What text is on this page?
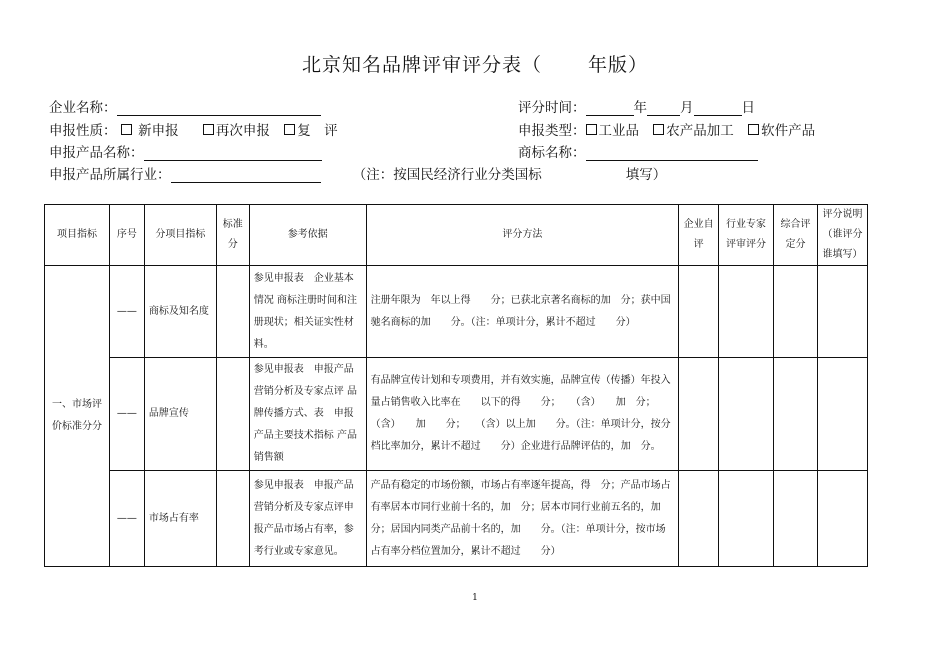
北京知名品牌评审评分表（ 年版）
企业名称：
申报性质： 新申报	再次申报 复　评
申报产品名称：
申报产品所属行业：	（注：按国民经济行业分类国标	填写）
评分时间：	年 月	日
申报类型： 工业品 农产品加工 软件产品
商标名称：
项目指标	序号	分项目指标	标准分	参考依据	评分方法	企业自评	行业专家评审评分	综合评定分	评分说明（谁评分谁填写）
一、市场评价标准分分	——	商标及知名度		参见申报表　企业基本情况 商标注册时间和注册现状；相关证实性材料。	注册年限为　年以上得　　分；已获北京著名商标的加　分；获中国驰名商标的加　　分。（注：单项计分，累计不超过　　分）				
	——	品牌宣传		参见申报表　申报产品营销分析及专家点评 品牌传播方式、表　申报产品主要技术指标 产品销售额	有品牌宣传计划和专项费用，并有效实施，品牌宣传（传播）年投入量占销售收入比率在　　以下的得　　分；　　（含）　　加　分；　　（含）　　加　　分；　　（含）以上加　　分。（注：单项计分，按分档比率加分，累计不超过　　分）企业进行品牌评估的，加　分。				
	——	市场占有率		参见申报表　申报产品营销分析及专家点评申报产品市场占有率，参考行业或专家意见。	产品有稳定的市场份额，市场占有率逐年提高，得　分；产品市场占有率居本市同行业前十名的，加　分；居本市同行业前五名的，加　　分；居国内同类产品前十名的，加　　分。（注：单项计分，按市场占有率分档位置加分，累计不超过　　分）				
1
